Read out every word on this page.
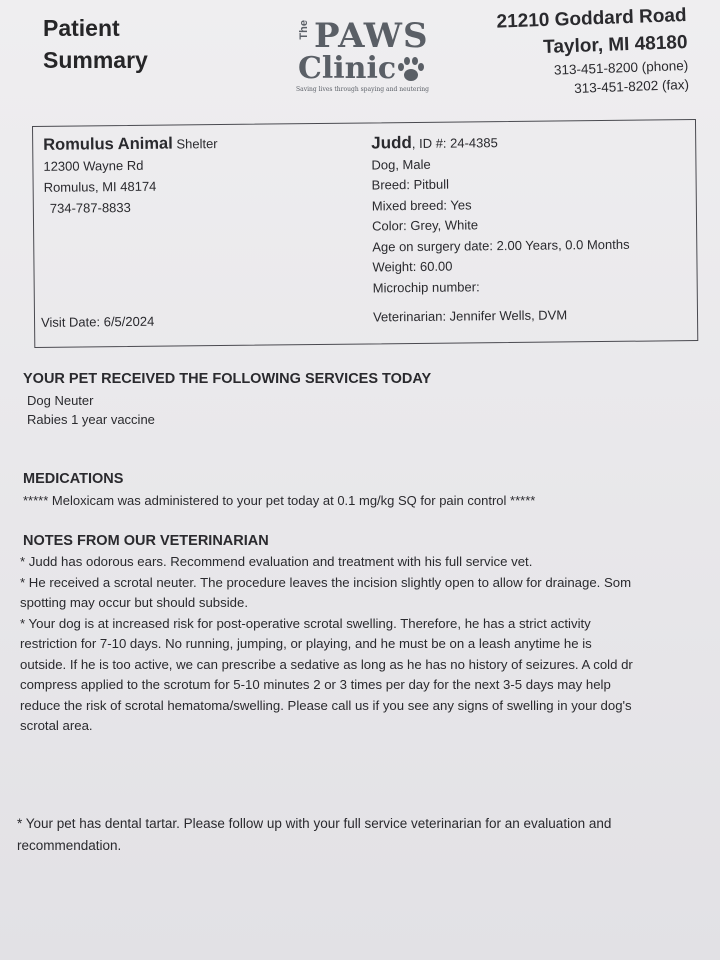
Patient
Summary
The PAWS
Clinic
Saving lives through spaying and neutering
21210 Goddard Road
Taylor, MI 48180
313-451-8200 (phone)
313-451-8202 (fax)
Romulus Animal Shelter
12300 Wayne Rd
Romulus, MI 48174
734-787-8833
Visit Date: 6/5/2024
Judd, ID #: 24-4385
Dog, Male
Breed: Pitbull
Mixed breed: Yes
Color: Grey, White
Age on surgery date: 2.00 Years, 0.0 Months
Weight: 60.00
Microchip number:
Veterinarian: Jennifer Wells, DVM
YOUR PET RECEIVED THE FOLLOWING SERVICES TODAY
Dog Neuter
Rabies 1 year vaccine
MEDICATIONS
***** Meloxicam was administered to your pet today at 0.1 mg/kg SQ for pain control *****
NOTES FROM OUR VETERINARIAN
* Judd has odorous ears. Recommend evaluation and treatment with his full service vet.
* He received a scrotal neuter. The procedure leaves the incision slightly open to allow for drainage. Som
spotting may occur but should subside.
* Your dog is at increased risk for post-operative scrotal swelling. Therefore, he has a strict activity
restriction for 7-10 days. No running, jumping, or playing, and he must be on a leash anytime he is
outside. If he is too active, we can prescribe a sedative as long as he has no history of seizures. A cold dr
compress applied to the scrotum for 5-10 minutes 2 or 3 times per day for the next 3-5 days may help
reduce the risk of scrotal hematoma/swelling. Please call us if you see any signs of swelling in your dog's
scrotal area.
* Your pet has dental tartar. Please follow up with your full service veterinarian for an evaluation and
recommendation.
